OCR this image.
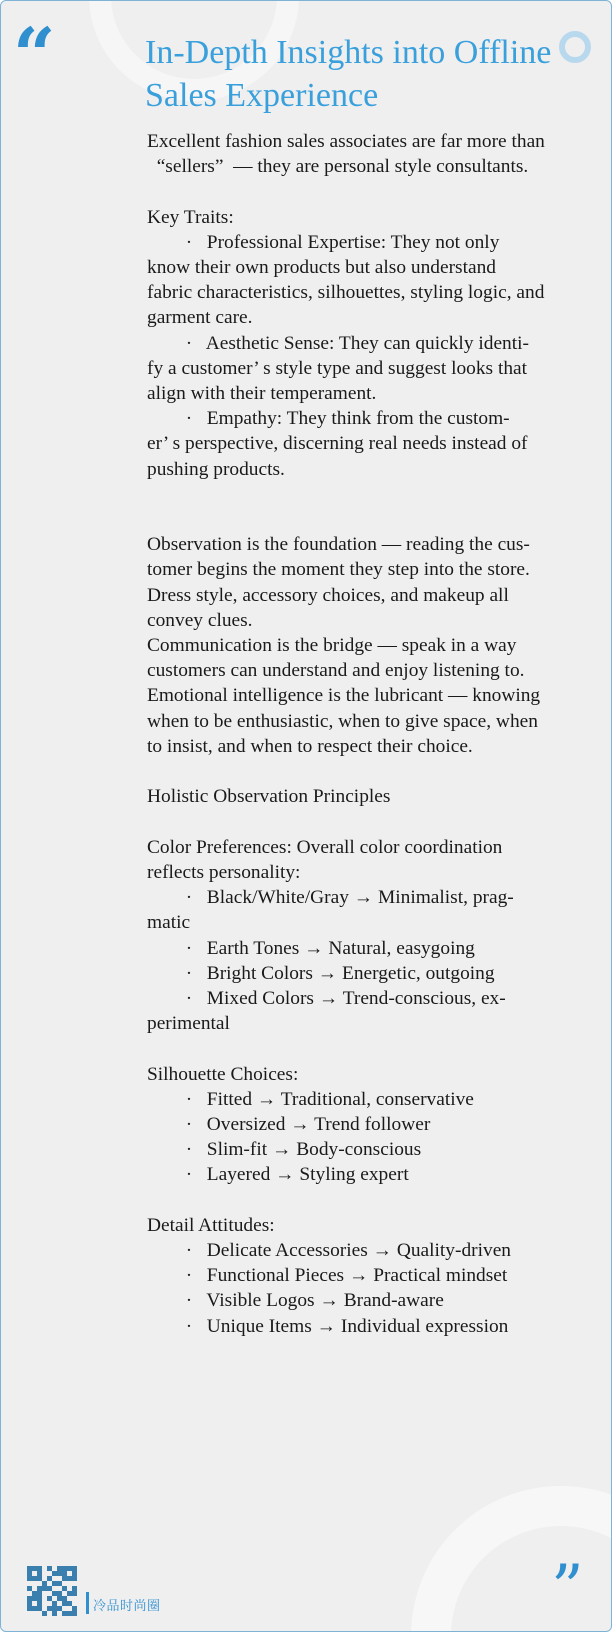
“	In-Depth Insights into Offline Sales Experience
Excellent fashion sales associates are far more than
“sellers”  — they are personal style consultants.

Key Traits:
·   Professional Expertise: They not only
know their own products but also understand
fabric characteristics, silhouettes, styling logic, and
garment care.
·   Aesthetic Sense: They can quickly identi-
fy a customer’ s style type and suggest looks that
align with their temperament.
·   Empathy: They think from the custom-
er’ s perspective, discerning real needs instead of
pushing products.

Observation is the foundation — reading the cus-
tomer begins the moment they step into the store.
Dress style, accessory choices, and makeup all
convey clues.
Communication is the bridge — speak in a way
customers can understand and enjoy listening to.
Emotional intelligence is the lubricant — knowing
when to be enthusiastic, when to give space, when
to insist, and when to respect their choice.

Holistic Observation Principles

Color Preferences: Overall color coordination
reflects personality:
·   Black/White/Gray → Minimalist, prag-
matic
·   Earth Tones → Natural, easygoing
·   Bright Colors → Energetic, outgoing
·   Mixed Colors → Trend-conscious, ex-
perimental

Silhouette Choices:
·   Fitted → Traditional, conservative
·   Oversized → Trend follower
·   Slim-fit → Body-conscious
·   Layered → Styling expert

Detail Attitudes:
·   Delicate Accessories → Quality-driven
·   Functional Pieces → Practical mindset
·   Visible Logos → Brand-aware
·   Unique Items → Individual expression
冷品时尚圈	”
